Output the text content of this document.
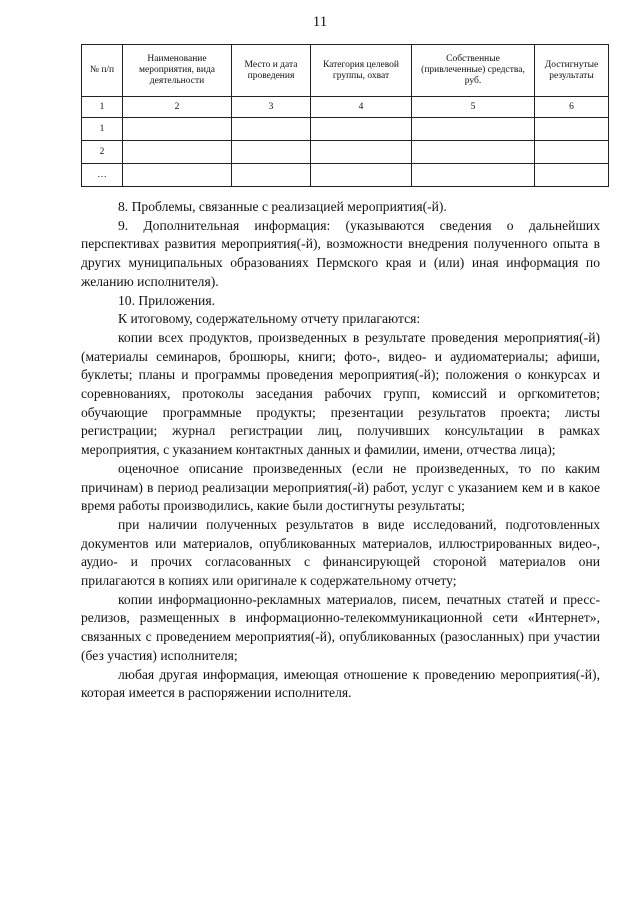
11
№ п/п	Наименование мероприятия, вида деятельности	Место и дата проведения	Категория целевой группы, охват	Собственные (привлеченные) средства, руб.	Достигнутые результаты
1	2	3	4	5	6
1					
2					
…					

8. Проблемы, связанные с реализацией мероприятия(-й).

9. Дополнительная информация: (указываются сведения о дальнейших перспективах развития мероприятия(-й), возможности внедрения полученного опыта в других муниципальных образованиях Пермского края и (или) иная информация по желанию исполнителя).

10. Приложения.

К итоговому, содержательному отчету прилагаются:

копии всех продуктов, произведенных в результате проведения мероприятия(-й) (материалы семинаров, брошюры, книги; фото-, видео- и аудиоматериалы; афиши, буклеты; планы и программы проведения мероприятия(-й); положения о конкурсах и соревнованиях, протоколы заседания рабочих групп, комиссий и оргкомитетов; обучающие программные продукты; презентации результатов проекта; листы регистрации; журнал регистрации лиц, получивших консультации в рамках мероприятия, с указанием контактных данных и фамилии, имени, отчества лица);

оценочное описание произведенных (если не произведенных, то по каким причинам) в период реализации мероприятия(-й) работ, услуг с указанием кем и в какое время работы производились, какие были достигнуты результаты;

при наличии полученных результатов в виде исследований, подготовленных документов или материалов, опубликованных материалов, иллюстрированных видео-, аудио- и прочих согласованных с финансирующей стороной материалов они прилагаются в копиях или оригинале к содержательному отчету;

копии информационно-рекламных материалов, писем, печатных статей и пресс-релизов, размещенных в информационно-телекоммуникационной сети «Интернет», связанных с проведением мероприятия(-й), опубликованных (разосланных) при участии (без участия) исполнителя;

любая другая информация, имеющая отношение к проведению мероприятия(-й), которая имеется в распоряжении исполнителя.
